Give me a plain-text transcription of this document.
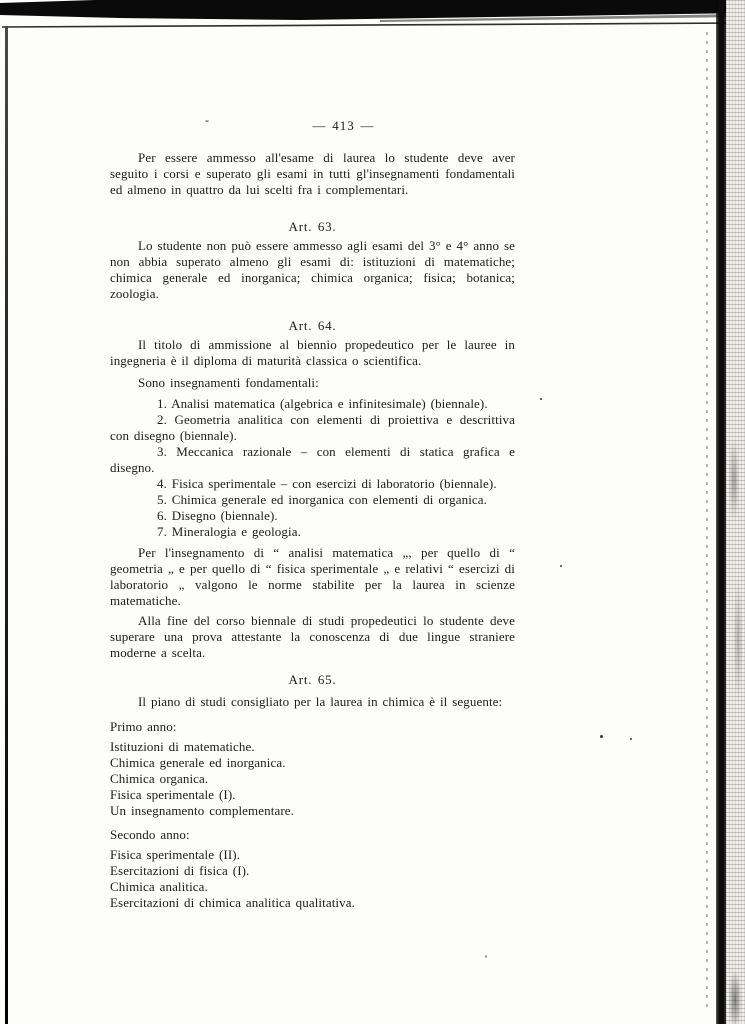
-	— 413 —

Per essere ammesso all'esame di laurea lo studente deve aver seguito i corsi e superato gli esami in tutti gl'insegnamenti fondamentali ed almeno in quattro da lui scelti fra i complementari.

Art. 63.

Lo studente non può essere ammesso agli esami del 3° e 4° anno se non abbia superato almeno gli esami di: istituzioni di matematiche; chimica generale ed inorganica; chimica organica; fisica; botanica; zoologia.

Art. 64.

Il titolo di ammissione al biennio propedeutico per le lauree in ingegneria è il diploma di maturità classica o scientifica.

Sono insegnamenti fondamentali:

1. Analisi matematica (algebrica e infinitesimale) (biennale).

2. Geometria analitica con elementi di proiettiva e descrittiva con disegno (biennale).

3. Meccanica razionale – con elementi di statica grafica e disegno.

4. Fisica sperimentale – con esercizi di laboratorio (biennale).

5. Chimica generale ed inorganica con elementi di organica.

6. Disegno (biennale).

7. Mineralogia e geologia.

Per l'insegnamento di “ analisi matematica „, per quello di “ geometria „ e per quello di “ fisica sperimentale „ e relativi “ esercizi di laboratorio „ valgono le norme stabilite per la laurea in scienze matematiche.

Alla fine del corso biennale di studi propedeutici lo studente deve superare una prova attestante la conoscenza di due lingue straniere moderne a scelta.

Art. 65.

Il piano di studi consigliato per la laurea in chimica è il seguente:

Primo anno:

Istituzioni di matematiche.

Chimica generale ed inorganica.

Chimica organica.

Fisica sperimentale (I).

Un insegnamento complementare.

Secondo anno:

Fisica sperimentale (II).

Esercitazioni di fisica (I).

Chimica analitica.

Esercitazioni di chimica analitica qualitativa.
